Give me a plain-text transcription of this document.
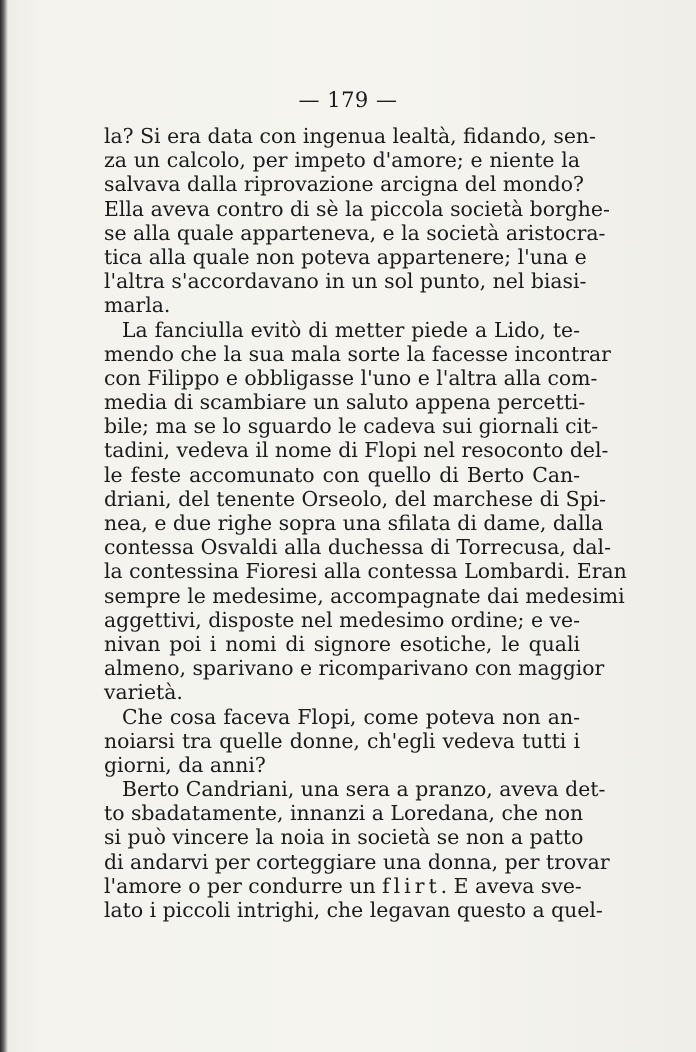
— 179 —
la? Si era data con ingenua lealtà, fidando, sen-
za un calcolo, per impeto d'amore; e niente la
salvava dalla riprovazione arcigna del mondo?
Ella aveva contro di sè la piccola società borghe-
se alla quale apparteneva, e la società aristocra-
tica alla quale non poteva appartenere; l'una e
l'altra s'accordavano in un sol punto, nel biasi-
marla.
La fanciulla evitò di metter piede a Lido, te-
mendo che la sua mala sorte la facesse incontrar
con Filippo e obbligasse l'uno e l'altra alla com-
media di scambiare un saluto appena percetti-
bile; ma se lo sguardo le cadeva sui giornali cit-
tadini, vedeva il nome di Flopi nel resoconto del-
le feste accomunato con quello di Berto Can-
driani, del tenente Orseolo, del marchese di Spi-
nea, e due righe sopra una sfilata di dame, dalla
contessa Osvaldi alla duchessa di Torrecusa, dal-
la contessina Fioresi alla contessa Lombardi. Eran
sempre le medesime, accompagnate dai medesimi
aggettivi, disposte nel medesimo ordine; e ve-
nivan poi i nomi di signore esotiche, le quali
almeno, sparivano e ricomparivano con maggior
varietà.
Che cosa faceva Flopi, come poteva non an-
noiarsi tra quelle donne, ch'egli vedeva tutti i
giorni, da anni?
Berto Candriani, una sera a pranzo, aveva det-
to sbadatamente, innanzi a Loredana, che non
si può vincere la noia in società se non a patto
di andarvi per corteggiare una donna, per trovar
l'amore o per condurre un flirt. E aveva sve-
lato i piccoli intrighi, che legavan questo a quel-
